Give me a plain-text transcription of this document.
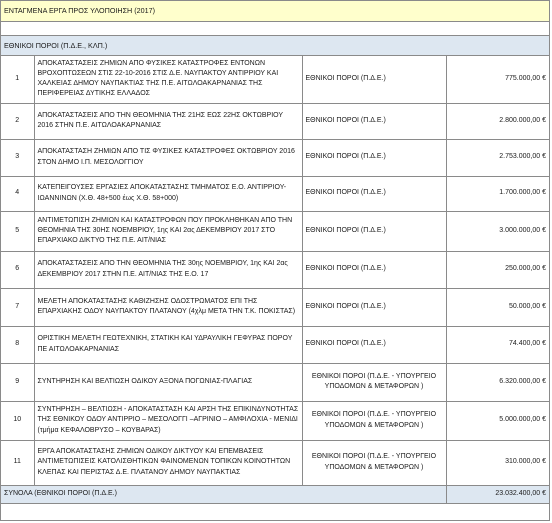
ΕΝΤΑΓΜΕΝΑ ΕΡΓΑ ΠΡΟΣ ΥΛΟΠΟΙΗΣΗ (2017)
ΕΘΝΙΚΟΙ ΠΟΡΟΙ (Π.Δ.Ε., ΚΛΠ.)
1	ΑΠΟΚΑΤΑΣΤΑΣΕΙΣ ΖΗΜΙΩΝ ΑΠΟ ΦΥΣΙΚΕΣ ΚΑΤΑΣΤΡΟΦΕΣ ΕΝΤΟΝΩΝ ΒΡΟΧΟΠΤΩΣΕΩΝ ΣΤΙΣ 22-10-2016 ΣΤΙΣ Δ.Ε. ΝΑΥΠΑΚΤΟΥ ΑΝΤΙΡΡΙΟΥ ΚΑΙ ΧΑΛΚΕΙΑΣ ΔΗΜΟΥ ΝΑΥΠΑΚΤΙΑΣ ΤΗΣ Π.Ε. ΑΙΤΩΛΟΑΚΑΡΝΑΝΙΑΣ ΤΗΣ ΠΕΡΙΦΕΡΕΙΑΣ ΔΥΤΙΚΗΣ ΕΛΛΑΔΟΣ	ΕΘΝΙΚΟΙ ΠΟΡΟΙ (Π.Δ.Ε.)	775.000,00 €
2	ΑΠΟΚΑΤΑΣΤΑΣΕΙΣ ΑΠΟ ΤΗΝ ΘΕΟΜΗΝΙΑ ΤΗΣ 21ΗΣ ΕΩΣ 22ΗΣ ΟΚΤΩΒΡΙΟΥ 2016 ΣΤΗΝ Π.Ε. ΑΙΤΩΛΟΑΚΑΡΝΑΝΙΑΣ	ΕΘΝΙΚΟΙ ΠΟΡΟΙ (Π.Δ.Ε.)	2.800.000,00 €
3	ΑΠΟΚΑΤΑΣΤΑΣΗ ΖΗΜΙΩΝ ΑΠΟ ΤΙΣ ΦΥΣΙΚΕΣ ΚΑΤΑΣΤΡΟΦΕΣ ΟΚΤΩΒΡΙΟΥ 2016 ΣΤΟΝ ΔΗΜΟ Ι.Π. ΜΕΣΟΛΟΓΓΙΟΥ	ΕΘΝΙΚΟΙ ΠΟΡΟΙ (Π.Δ.Ε.)	2.753.000,00 €
4	ΚΑΤΕΠΕΙΓΟΥΣΕΣ ΕΡΓΑΣΙΕΣ ΑΠΟΚΑΤΑΣΤΑΣΗΣ ΤΜΗΜΑΤΟΣ Ε.Ο. ΑΝΤΙΡΡΙΟΥ-ΙΩΑΝΝΙΝΩΝ (Χ.Θ. 48+500 έως Χ.Θ. 58+000)	ΕΘΝΙΚΟΙ ΠΟΡΟΙ (Π.Δ.Ε.)	1.700.000,00 €
5	ΑΝΤΙΜΕΤΩΠΙΣΗ ΖΗΜΙΩΝ ΚΑΙ ΚΑΤΑΣΤΡΟΦΩΝ ΠΟΥ ΠΡΟΚΛΗΘΗΚΑΝ ΑΠΟ ΤΗΝ ΘΕΟΜΗΝΙΑ ΤΗΣ 30ΗΣ ΝΟΕΜΒΡΙΟΥ, 1ης ΚΑΙ 2ας ΔΕΚΕΜΒΡΙΟΥ 2017 ΣΤΟ ΕΠΑΡΧΙΑΚΟ ΔΙΚΤΥΟ ΤΗΣ Π.Ε. ΑΙΤ/ΝΙΑΣ	ΕΘΝΙΚΟΙ ΠΟΡΟΙ (Π.Δ.Ε.)	3.000.000,00 €
6	ΑΠΟΚΑΤΑΣΤΑΣΕΙΣ ΑΠΟ ΤΗΝ ΘΕΟΜΗΝΙΑ ΤΗΣ 30ης ΝΟΕΜΒΡΙΟΥ, 1ης ΚΑΙ 2ας ΔΕΚΕΜΒΡΙΟΥ 2017 ΣΤΗΝ Π.Ε. ΑΙΤ/ΝΙΑΣ ΤΗΣ Ε.Ο. 17	ΕΘΝΙΚΟΙ ΠΟΡΟΙ (Π.Δ.Ε.)	250.000,00 €
7	ΜΕΛΕΤΗ ΑΠΟΚΑΤΑΣΤΑΣΗΣ ΚΑΘΙΖΗΣΗΣ ΟΔΟΣΤΡΩΜΑΤΟΣ ΕΠΙ ΤΗΣ ΕΠΑΡΧΙΑΚΗΣ ΟΔΟΥ ΝΑΥΠΑΚΤΟΥ ΠΛΑΤΑΝΟΥ (4χλμ ΜΕΤΑ ΤΗΝ Τ.Κ. ΠΟΚΙΣΤΑΣ)	ΕΘΝΙΚΟΙ ΠΟΡΟΙ (Π.Δ.Ε.)	50.000,00 €
8	ΟΡΙΣΤΙΚΗ ΜΕΛΕΤΗ ΓΕΩΤΕΧΝΙΚΗ, ΣΤΑΤΙΚΗ ΚΑΙ ΥΔΡΑΥΛΙΚΗ ΓΕΦΥΡΑΣ ΠΟΡΟΥ ΠΕ ΑΙΤΩΛΟΑΚΑΡΝΑΝΙΑΣ	ΕΘΝΙΚΟΙ ΠΟΡΟΙ (Π.Δ.Ε.)	74.400,00 €
9	ΣΥΝΤΗΡΗΣΗ ΚΑΙ ΒΕΛΤΙΩΣΗ ΟΔΙΚΟΥ ΑΞΟΝΑ ΠΟΓΩΝΙΑΣ-ΠΛΑΓΙΑΣ	ΕΘΝΙΚΟΙ ΠΟΡΟΙ (Π.Δ.Ε. - ΥΠΟΥΡΓΕΙΟ ΥΠΟΔΟΜΩΝ & ΜΕΤΑΦΟΡΩΝ )	6.320.000,00 €
10	ΣΥΝΤΗΡΗΣΗ – ΒΕΛΤΙΩΣΗ - ΑΠΟΚΑΤΑΣΤΑΣΗ ΚΑΙ ΑΡΣΗ ΤΗΣ ΕΠΙΚΙΝΔΥΝΟΤΗΤΑΣ ΤΗΣ ΕΘΝΙΚΟΥ ΟΔΟΥ ΑΝΤΙΡΡΙΟ – ΜΕΣΟΛΟΓΓΙ –ΑΓΡΙΝΙΟ – ΑΜΦΙΛΟΧΙΑ - ΜΕΝΙΔΙ (τμήμα ΚΕΦΑΛΟΒΡΥΣΟ – ΚΟΥΒΑΡΑΣ)	ΕΘΝΙΚΟΙ ΠΟΡΟΙ (Π.Δ.Ε. - ΥΠΟΥΡΓΕΙΟ ΥΠΟΔΟΜΩΝ & ΜΕΤΑΦΟΡΩΝ )	5.000.000,00 €
11	ΕΡΓΑ ΑΠΟΚΑΤΑΣΤΑΣΗΣ ΖΗΜΙΩΝ ΟΔΙΚΟΥ ΔΙΚΤΥΟΥ ΚΑΙ ΕΠΕΜΒΑΣΕΙΣ ΑΝΤΙΜΕΤΩΠΙΣΕΙΣ ΚΑΤΟΛΙΣΘΗΤΙΚΩΝ ΦΑΙΝΟΜΕΝΩΝ ΤΟΠΙΚΩΝ ΚΟΙΝΟΤΗΤΩΝ ΚΛΕΠΑΣ ΚΑΙ ΠΕΡΙΣΤΑΣ Δ.Ε. ΠΛΑΤΑΝΟΥ ΔΗΜΟΥ ΝΑΥΠΑΚΤΙΑΣ	ΕΘΝΙΚΟΙ ΠΟΡΟΙ (Π.Δ.Ε. - ΥΠΟΥΡΓΕΙΟ ΥΠΟΔΟΜΩΝ & ΜΕΤΑΦΟΡΩΝ )	310.000,00 €
ΣΥΝΟΛΑ (ΕΘΝΙΚΟΙ ΠΟΡΟΙ (Π.Δ.Ε.)			23.032.400,00 €
